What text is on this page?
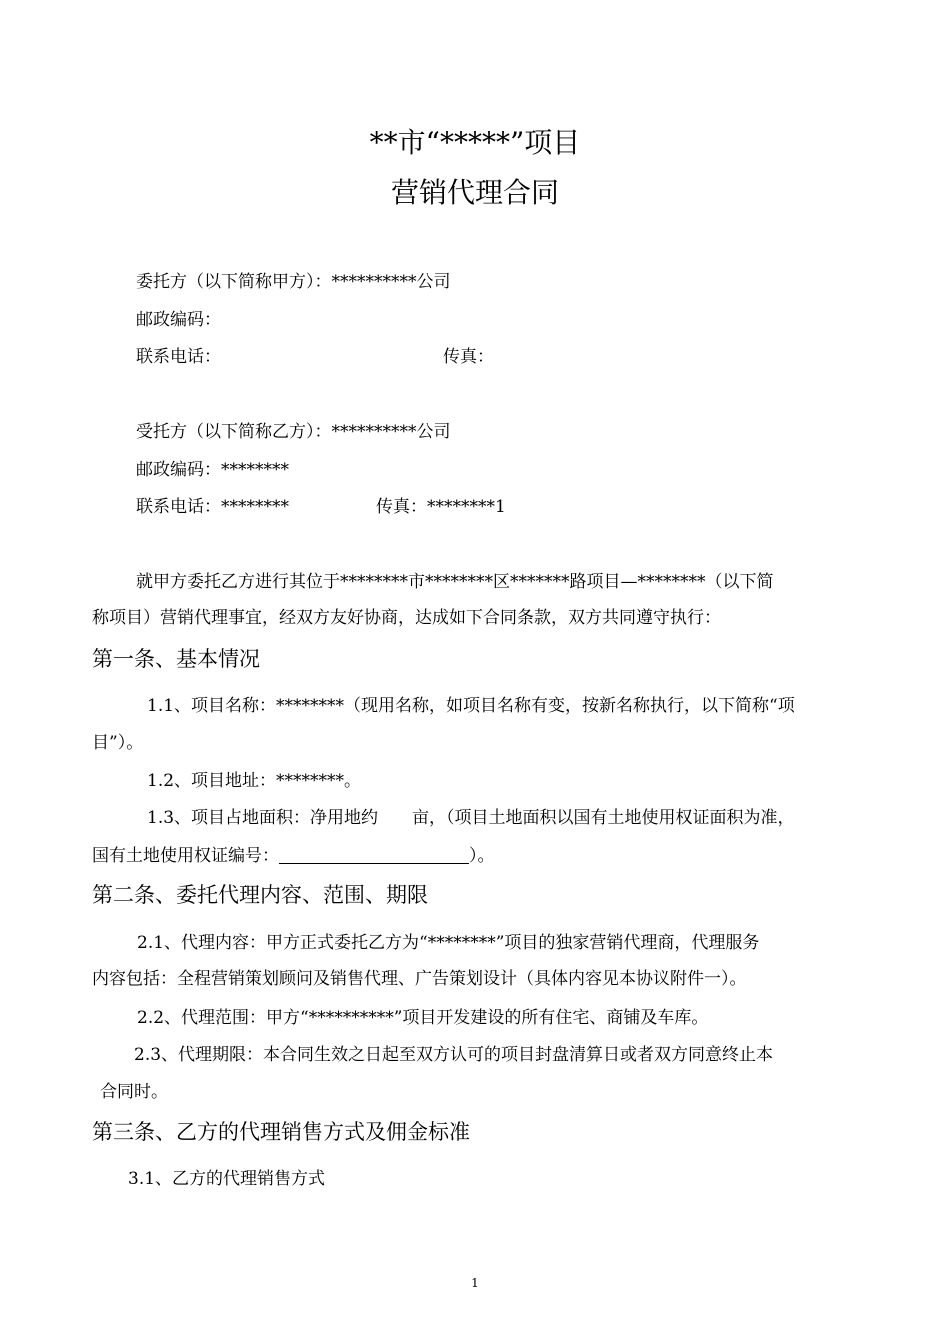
**市“*****”项目
营销代理合同
委托方（以下简称甲方）：**********公司
邮政编码：
联系电话：	传真：
受托方（以下简称乙方）：**********公司
邮政编码：********
联系电话：********	传真：********1
就甲方委托乙方进行其位于********市********区*******路项目—********（以下简
称项目）营销代理事宜，经双方友好协商，达成如下合同条款，双方共同遵守执行：
第一条、基本情况
1.1、项目名称：********（现用名称，如项目名称有变，按新名称执行，以下简称“项
目”）。
1.2、项目地址：********。
1.3、项目占地面积：净用地约　　亩，（项目土地面积以国有土地使用权证面积为准，
国有土地使用权证编号：	）。
第二条、委托代理内容、范围、期限
2.1、代理内容：甲方正式委托乙方为“********”项目的独家营销代理商，代理服务
内容包括：全程营销策划顾问及销售代理、广告策划设计（具体内容见本协议附件一）。
2.2、代理范围：甲方“**********”项目开发建设的所有住宅、商铺及车库。
2.3、代理期限：本合同生效之日起至双方认可的项目封盘清算日或者双方同意终止本
合同时。
第三条、乙方的代理销售方式及佣金标准
3.1、乙方的代理销售方式
1
